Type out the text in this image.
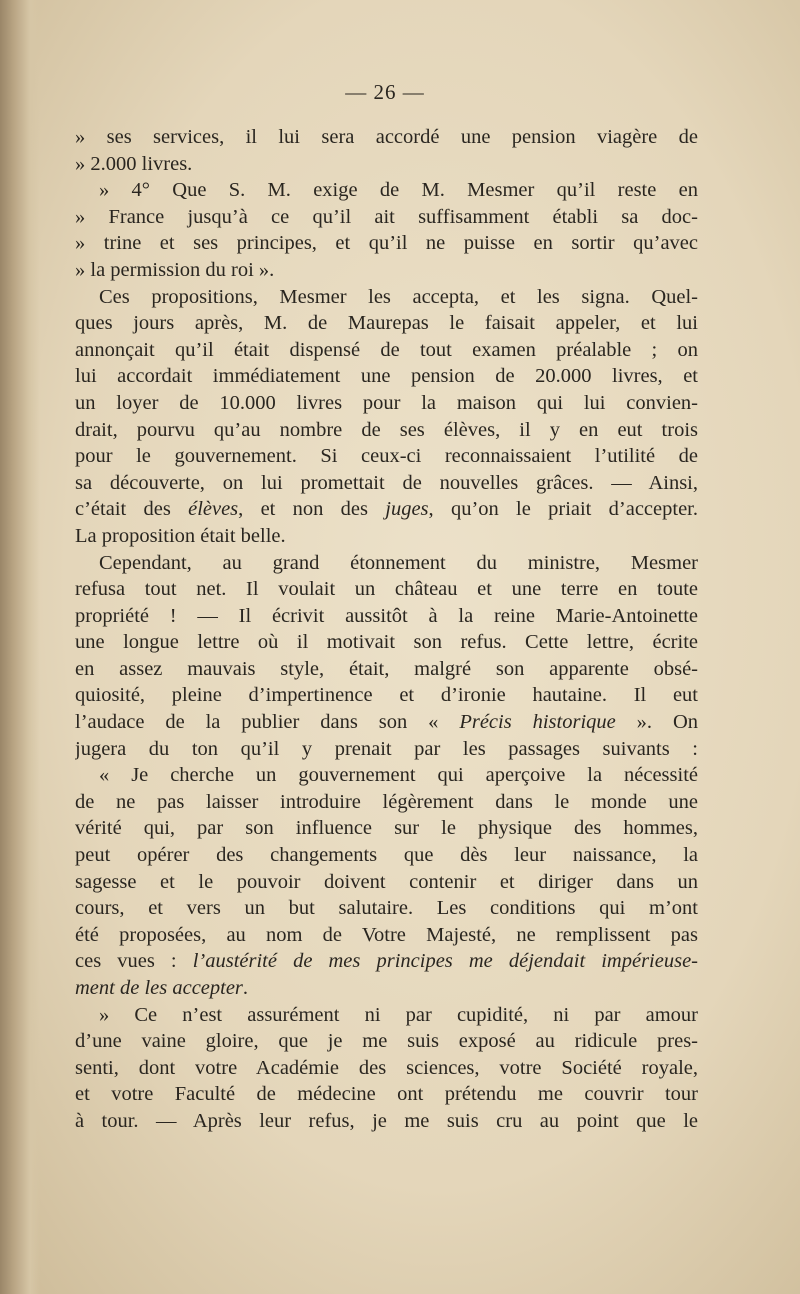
— 26 —
» ses services, il lui sera accordé une pension viagère de
» 2.000 livres.
» 4° Que S. M. exige de M. Mesmer qu’il reste en
» France jusqu’à ce qu’il ait suffisamment établi sa doc-
» trine et ses principes, et qu’il ne puisse en sortir qu’avec
» la permission du roi ».
Ces propositions, Mesmer les accepta, et les signa. Quel-
ques jours après, M. de Maurepas le faisait appeler, et lui
annonçait qu’il était dispensé de tout examen préalable ; on
lui accordait immédiatement une pension de 20.000 livres, et
un loyer de 10.000 livres pour la maison qui lui convien-
drait, pourvu qu’au nombre de ses élèves, il y en eut trois
pour le gouvernement. Si ceux-ci reconnaissaient l’utilité de
sa découverte, on lui promettait de nouvelles grâces. — Ainsi,
c’était des élèves, et non des juges, qu’on le priait d’accepter.
La proposition était belle.
Cependant, au grand étonnement du ministre, Mesmer
refusa tout net. Il voulait un château et une terre en toute
propriété ! — Il écrivit aussitôt à la reine Marie-Antoinette
une longue lettre où il motivait son refus. Cette lettre, écrite
en assez mauvais style, était, malgré son apparente obsé-
quiosité, pleine d’impertinence et d’ironie hautaine. Il eut
l’audace de la publier dans son « Précis historique ». On
jugera du ton qu’il y prenait par les passages suivants :
« Je cherche un gouvernement qui aperçoive la nécessité
de ne pas laisser introduire légèrement dans le monde une
vérité qui, par son influence sur le physique des hommes,
peut opérer des changements que dès leur naissance, la
sagesse et le pouvoir doivent contenir et diriger dans un
cours, et vers un but salutaire. Les conditions qui m’ont
été proposées, au nom de Votre Majesté, ne remplissent pas
ces vues : l’austérité de mes principes me déjendait impérieuse-
ment de les accepter.
» Ce n’est assurément ni par cupidité, ni par amour
d’une vaine gloire, que je me suis exposé au ridicule pres-
senti, dont votre Académie des sciences, votre Société royale,
et votre Faculté de médecine ont prétendu me couvrir tour
à tour. — Après leur refus, je me suis cru au point que le
